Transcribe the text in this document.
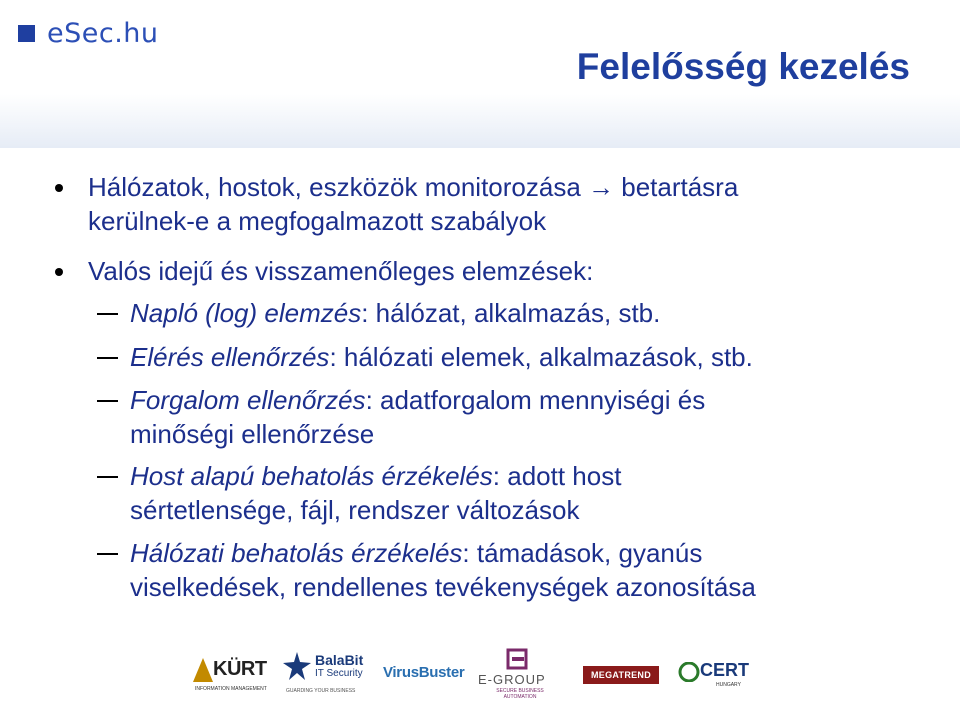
eSec.hu
Felelősség kezelés
Hálózatok, hostok, eszközök monitorozása → betartásra
kerülnek-e a megfogalmazott szabályok
Valós idejű és visszamenőleges elemzések:
Napló (log) elemzés: hálózat, alkalmazás, stb.
Elérés ellenőrzés: hálózati elemek, alkalmazások, stb.
Forgalom ellenőrzés: adatforgalom mennyiségi és
minőségi ellenőrzése
Host alapú behatolás érzékelés: adott host
sértetlensége, fájl, rendszer változások
Hálózati behatolás érzékelés: támadások, gyanús
viselkedések, rendellenes tevékenységek azonosítása
KÜRT
INFORMATION MANAGEMENT
BalaBit
IT Security
GUARDING YOUR BUSINESS
VirusBuster E-GROUP
SECURE BUSINESS AUTOMATION
MEGATREND	CERT
HUNGARY
